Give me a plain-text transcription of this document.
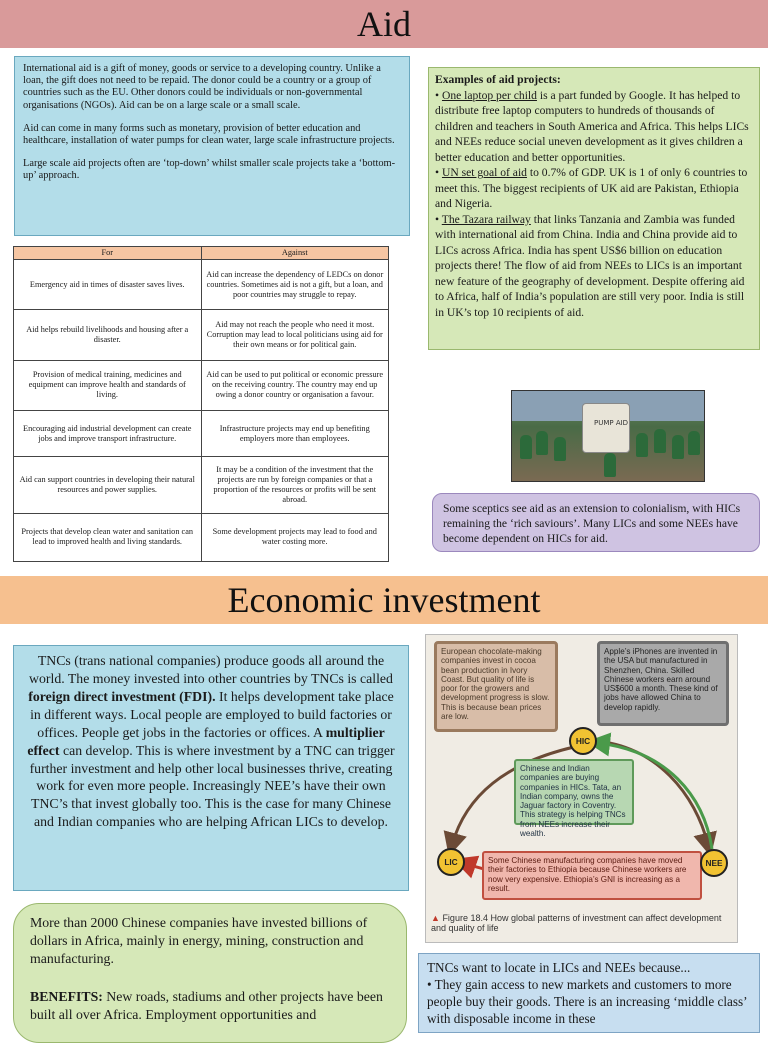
Aid

International aid is a gift of money, goods or service to a developing country. Unlike a loan, the gift does not need to be repaid. The donor could be a country or a group of countries such as the EU. Other donors could be individuals or non-governmental organisations (NGOs). Aid can be on a large scale or a small scale.

Aid can come in many forms such as monetary, provision of better education and healthcare, installation of water pumps for clean water, large scale infrastructure projects.

Large scale aid projects often are ‘top-down’ whilst smaller scale projects take a ‘bottom-up’ approach.

For	Against
Emergency aid in times of disaster saves lives.	Aid can increase the dependency of LEDCs on donor countries. Sometimes aid is not a gift, but a loan, and poor countries may struggle to repay.
Aid helps rebuild livelihoods and housing after a disaster.	Aid may not reach the people who need it most. Corruption may lead to local politicians using aid for their own means or for political gain.
Provision of medical training, medicines and equipment can improve health and standards of living.	Aid can be used to put political or economic pressure on the receiving country. The country may end up owing a donor country or organisation a favour.
Encouraging aid industrial development can create jobs and improve transport infrastructure.	Infrastructure projects may end up benefiting employers more than employees.
Aid can support countries in developing their natural resources and power supplies.	It may be a condition of the investment that the projects are run by foreign companies or that a proportion of the resources or profits will be sent abroad.
Projects that develop clean water and sanitation can lead to improved health and living standards.	Some development projects may lead to food and water costing more.

Examples of aid projects:

• One laptop per child is a part funded by Google. It has helped to distribute free laptop computers to hundreds of thousands of children and teachers in South America and Africa. This helps LICs and NEEs reduce social uneven development as it gives children a better education and better opportunities.

• UN set goal of aid to 0.7% of GDP. UK is 1 of only 6 countries to meet this. The biggest recipients of UK aid are Pakistan, Ethiopia and Nigeria.

• The Tazara railway that links Tanzania and Zambia was funded with international aid from China. India and China provide aid to LICs across Africa. India has spent US$6 billion on education projects there! The flow of aid from NEEs to LICs is an important new feature of the geography of development. Despite offering aid to Africa, half of India’s population are still very poor. India is still in UK’s top 10 recipients of aid.

PUMP AID

Some sceptics see aid as an extension to colonialism, with HICs remaining the ‘rich saviours’. Many LICs and some NEEs have become dependent on HICs for aid.

Economic investment

TNCs (trans national companies) produce goods all around the world. The money invested into other countries by TNCs is called foreign direct investment (FDI). It helps development take place in different ways. Local people are employed to build factories or offices. People get jobs in the factories or offices. A multiplier effect can develop. This is where investment by a TNC can trigger further investment and help other local businesses thrive, creating work for even more people. Increasingly NEE’s have their own TNC’s that invest globally too. This is the case for many Chinese and Indian companies who are helping African LICs to develop.

More than 2000 Chinese companies have invested billions of dollars in Africa, mainly in energy, mining, construction and manufacturing.

BENEFITS: New roads, stadiums and other projects have been built all over Africa. Employment opportunities and

European chocolate-making companies invest in cocoa bean production in Ivory Coast. But quality of life is poor for the growers and development progress is slow. This is because bean prices are low.
Apple’s iPhones are invented in the USA but manufactured in Shenzhen, China. Skilled Chinese workers earn around US$600 a month. These kind of jobs have allowed China to develop rapidly.
Chinese and Indian companies are buying companies in HICs. Tata, an Indian company, owns the Jaguar factory in Coventry. This strategy is helping TNCs from NEEs increase their wealth.
Some Chinese manufacturing companies have moved their factories to Ethiopia because Chinese workers are now very expensive. Ethiopia’s GNI is increasing as a result.
HIC
LIC	NEE
▲ Figure 18.4 How global patterns of investment can affect development and quality of life

TNCs want to locate in LICs and NEEs because...

• They gain access to new markets and customers to more people buy their goods. There is an increasing ‘middle class’ with disposable income in these
